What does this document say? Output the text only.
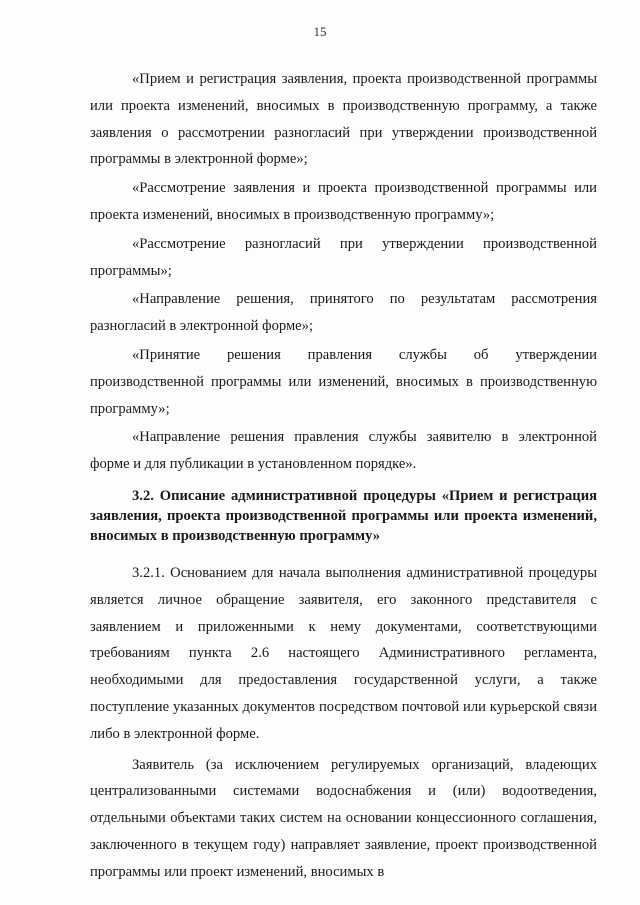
15

«Прием и регистрация заявления, проекта производственной программы или проекта изменений, вносимых в производственную программу, а также заявления о рассмотрении разногласий при утверждении производственной программы в электронной форме»;

«Рассмотрение заявления и проекта производственной программы или проекта изменений, вносимых в производственную программу»;

«Рассмотрение разногласий при утверждении производственной программы»;

«Направление решения, принятого по результатам рассмотрения разногласий в электронной форме»;

«Принятие решения правления службы об утверждении производственной программы или изменений, вносимых в производственную программу»;

«Направление решения правления службы заявителю в электронной форме и для публикации в установленном порядке».

3.2. Описание административной процедуры «Прием и регистрация заявления, проекта производственной программы или проекта изменений, вносимых в производственную программу»

3.2.1. Основанием для начала выполнения административной процедуры является личное обращение заявителя, его законного представителя с заявлением и приложенными к нему документами, соответствующими требованиям пункта 2.6 настоящего Административного регламента, необходимыми для предоставления государственной услуги, а также поступление указанных документов посредством почтовой или курьерской связи либо в электронной форме.

Заявитель (за исключением регулируемых организаций, владеющих централизованными системами водоснабжения и (или) водоотведения, отдельными объектами таких систем на основании концессионного соглашения, заключенного в текущем году) направляет заявление, проект производственной программы или проект изменений, вносимых в
